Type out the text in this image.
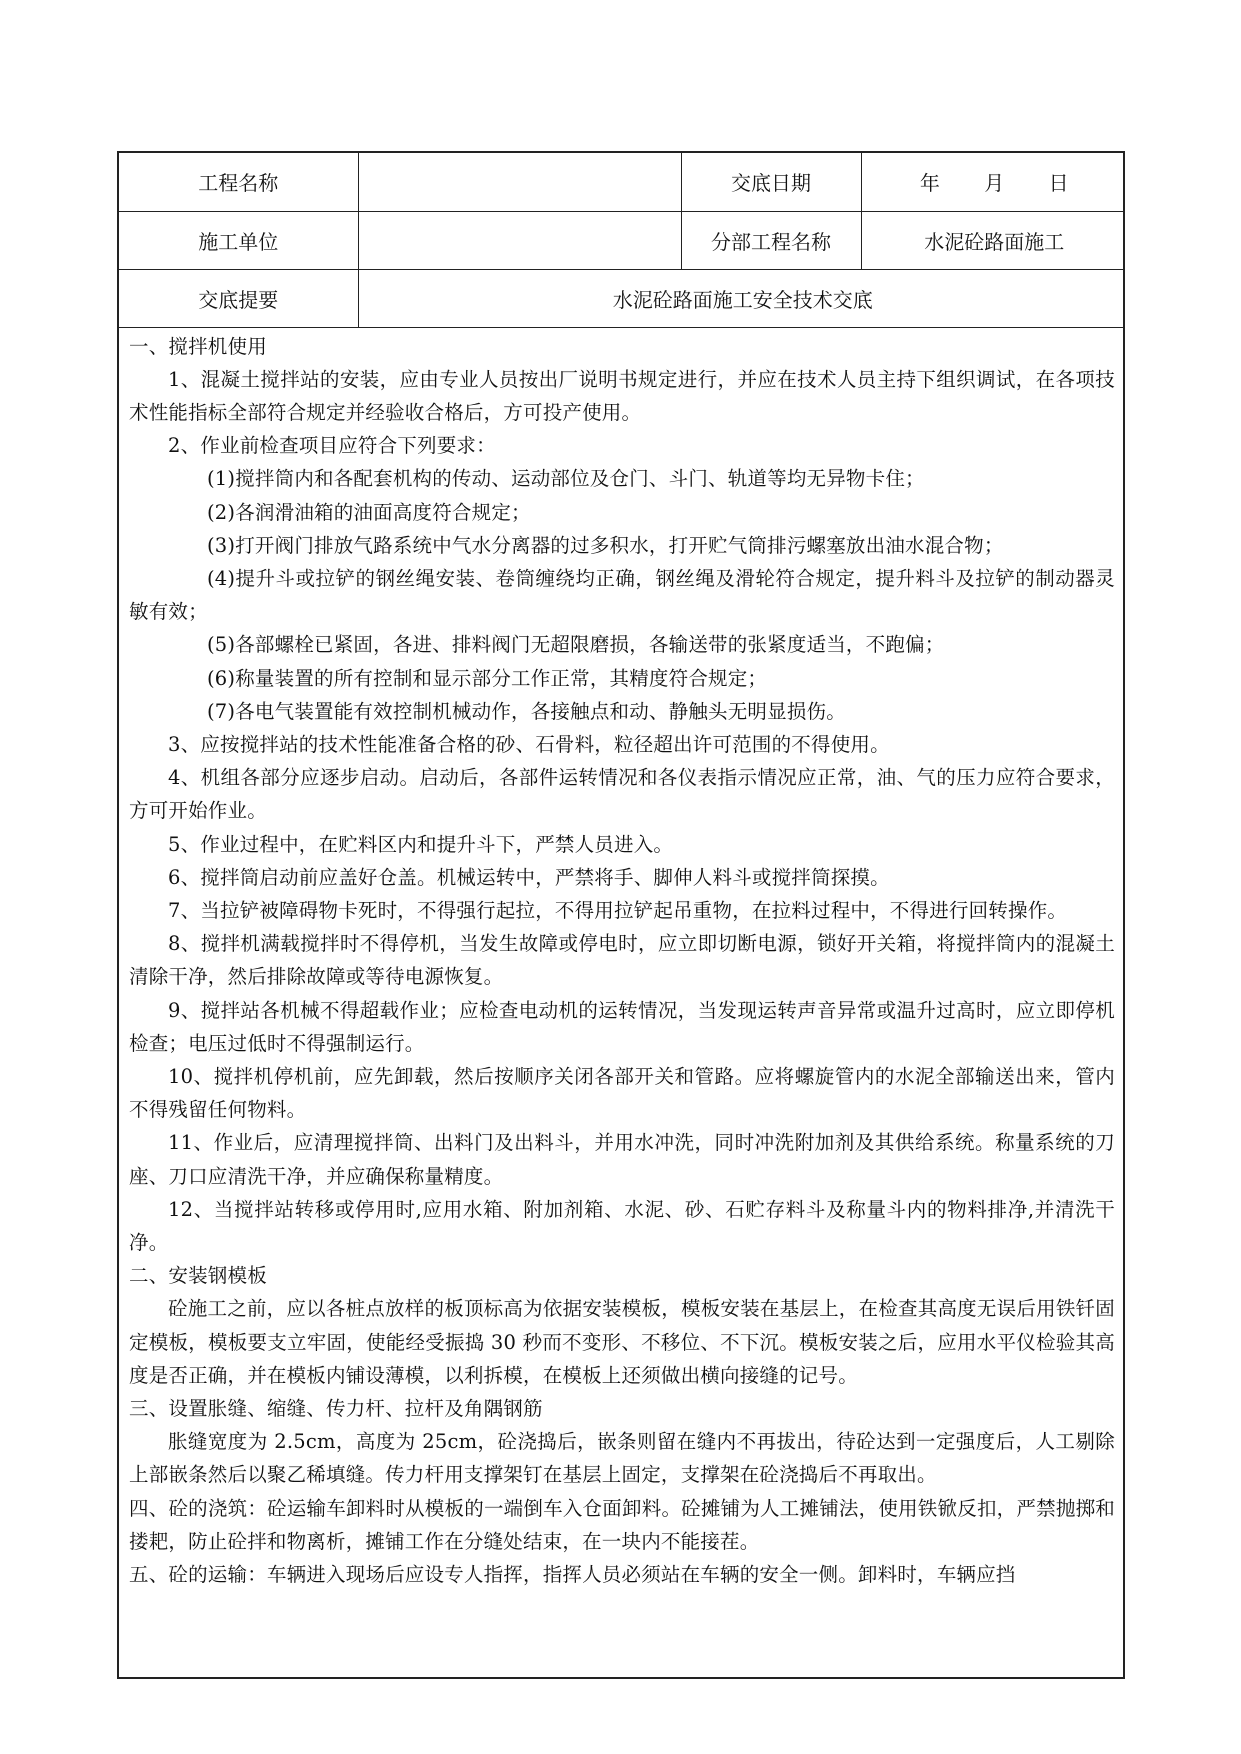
工程名称		交底日期	年 月 日
施工单位		分部工程名称	水泥砼路面施工
交底提要	水泥砼路面施工安全技术交底		

一、搅拌机使用

1、混凝土搅拌站的安装，应由专业人员按出厂说明书规定进行，并应在技术人员主持下组织调试，在各项技术性能指标全部符合规定并经验收合格后，方可投产使用。

2、作业前检查项目应符合下列要求：

(1)搅拌筒内和各配套机构的传动、运动部位及仓门、斗门、轨道等均无异物卡住；

(2)各润滑油箱的油面高度符合规定；

(3)打开阀门排放气路系统中气水分离器的过多积水，打开贮气筒排污螺塞放出油水混合物；

(4)提升斗或拉铲的钢丝绳安装、卷筒缠绕均正确，钢丝绳及滑轮符合规定，提升料斗及拉铲的制动器灵敏有效；

(5)各部螺栓已紧固，各进、排料阀门无超限磨损，各输送带的张紧度适当，不跑偏；

(6)称量装置的所有控制和显示部分工作正常，其精度符合规定；

(7)各电气装置能有效控制机械动作，各接触点和动、静触头无明显损伤。

3、应按搅拌站的技术性能准备合格的砂、石骨料，粒径超出许可范围的不得使用。

4、机组各部分应逐步启动。启动后，各部件运转情况和各仪表指示情况应正常，油、气的压力应符合要求，方可开始作业。

5、作业过程中，在贮料区内和提升斗下，严禁人员进入。

6、搅拌筒启动前应盖好仓盖。机械运转中，严禁将手、脚伸人料斗或搅拌筒探摸。

7、当拉铲被障碍物卡死时，不得强行起拉，不得用拉铲起吊重物，在拉料过程中，不得进行回转操作。

8、搅拌机满载搅拌时不得停机，当发生故障或停电时，应立即切断电源，锁好开关箱，将搅拌筒内的混凝土清除干净，然后排除故障或等待电源恢复。

9、搅拌站各机械不得超载作业；应检查电动机的运转情况，当发现运转声音异常或温升过高时，应立即停机检查；电压过低时不得强制运行。

10、搅拌机停机前，应先卸载，然后按顺序关闭各部开关和管路。应将螺旋管内的水泥全部输送出来，管内不得残留任何物料。

11、作业后，应清理搅拌筒、出料门及出料斗，并用水冲洗，同时冲洗附加剂及其供给系统。称量系统的刀座、刀口应清洗干净，并应确保称量精度。

12、当搅拌站转移或停用时,应用水箱、附加剂箱、水泥、砂、石贮存料斗及称量斗内的物料排净,并清洗干净。

二、安装钢模板

砼施工之前，应以各桩点放样的板顶标高为依据安装模板，模板安装在基层上，在检查其高度无误后用铁钎固定模板，模板要支立牢固，使能经受振捣 30 秒而不变形、不移位、不下沉。模板安装之后，应用水平仪检验其高度是否正确，并在模板内铺设薄模，以利拆模，在模板上还须做出横向接缝的记号。

三、设置胀缝、缩缝、传力杆、拉杆及角隅钢筋

胀缝宽度为 2.5cm，高度为 25cm，砼浇捣后，嵌条则留在缝内不再拔出，待砼达到一定强度后，人工剔除上部嵌条然后以聚乙稀填缝。传力杆用支撑架钉在基层上固定，支撑架在砼浇捣后不再取出。

四、砼的浇筑：砼运输车卸料时从模板的一端倒车入仓面卸料。砼摊铺为人工摊铺法，使用铁锨反扣，严禁抛掷和搂耙，防止砼拌和物离析，摊铺工作在分缝处结束，在一块内不能接茬。

五、砼的运输：车辆进入现场后应设专人指挥，指挥人员必须站在车辆的安全一侧。卸料时，车辆应挡
